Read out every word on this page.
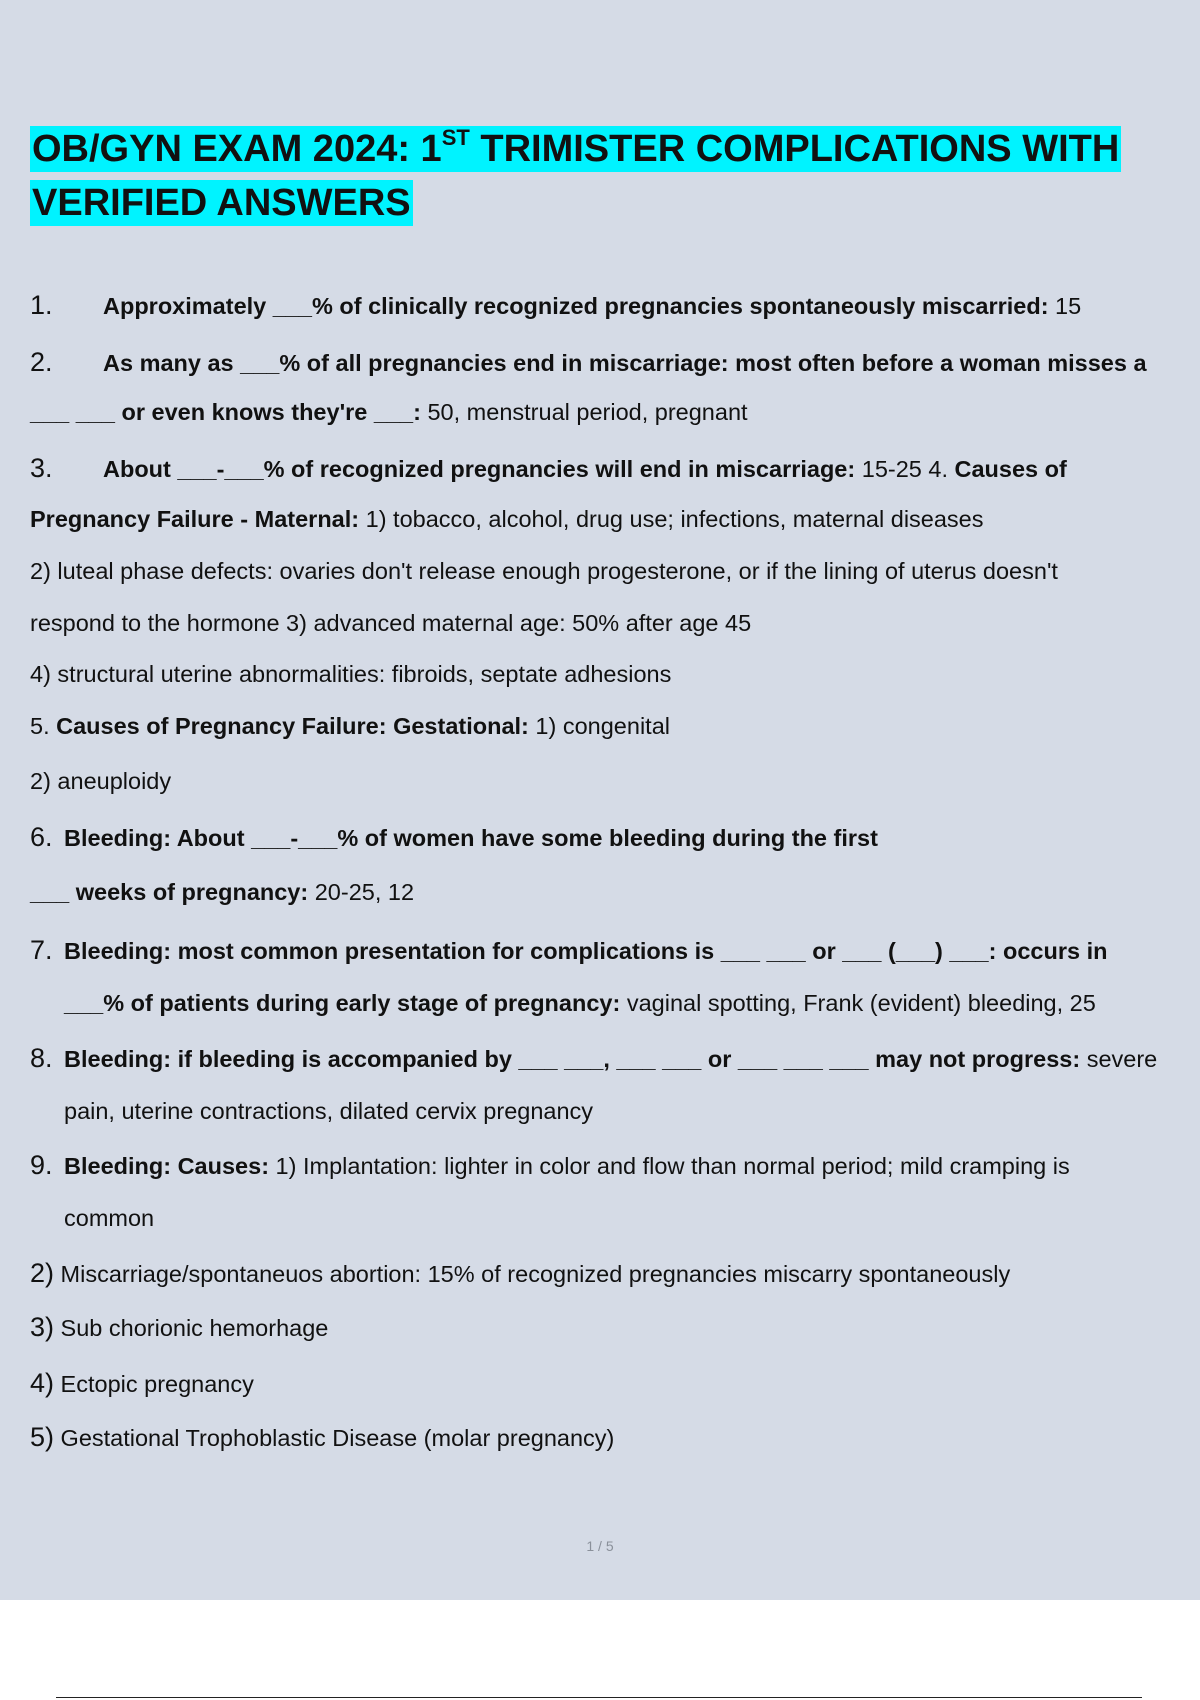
OB/GYN EXAM 2024: 1ST TRIMISTER COMPLICATIONS WITH VERIFIED ANSWERS
1. Approximately ___% of clinically recognized pregnancies spontaneously miscarried: 15
2. As many as ___% of all pregnancies end in miscarriage: most often before a woman misses a
___ ___ or even knows they're ___: 50, menstrual period, pregnant
3. About ___-___% of recognized pregnancies will end in miscarriage: 15-25 4. Causes of
Pregnancy Failure - Maternal: 1) tobacco, alcohol, drug use; infections, maternal diseases
2) luteal phase defects: ovaries don't release enough progesterone, or if the lining of uterus doesn't
respond to the hormone 3) advanced maternal age: 50% after age 45
4) structural uterine abnormalities: fibroids, septate adhesions
5. Causes of Pregnancy Failure: Gestational: 1) congenital
2) aneuploidy
6. Bleeding: About ___-___% of women have some bleeding during the first
___ weeks of pregnancy: 20-25, 12
7. Bleeding: most common presentation for complications is ___ ___ or ___ (___) ___: occurs in
___% of patients during early stage of pregnancy: vaginal spotting, Frank (evident) bleeding, 25
8. Bleeding: if bleeding is accompanied by ___ ___, ___ ___ or ___ ___ ___ may not progress: severe
pain, uterine contractions, dilated cervix pregnancy
9. Bleeding: Causes: 1) Implantation: lighter in color and flow than normal period; mild cramping is
common
2) Miscarriage/spontaneuos abortion: 15% of recognized pregnancies miscarry spontaneously
3) Sub chorionic hemorhage
4) Ectopic pregnancy
5) Gestational Trophoblastic Disease (molar pregnancy)
1 / 5
